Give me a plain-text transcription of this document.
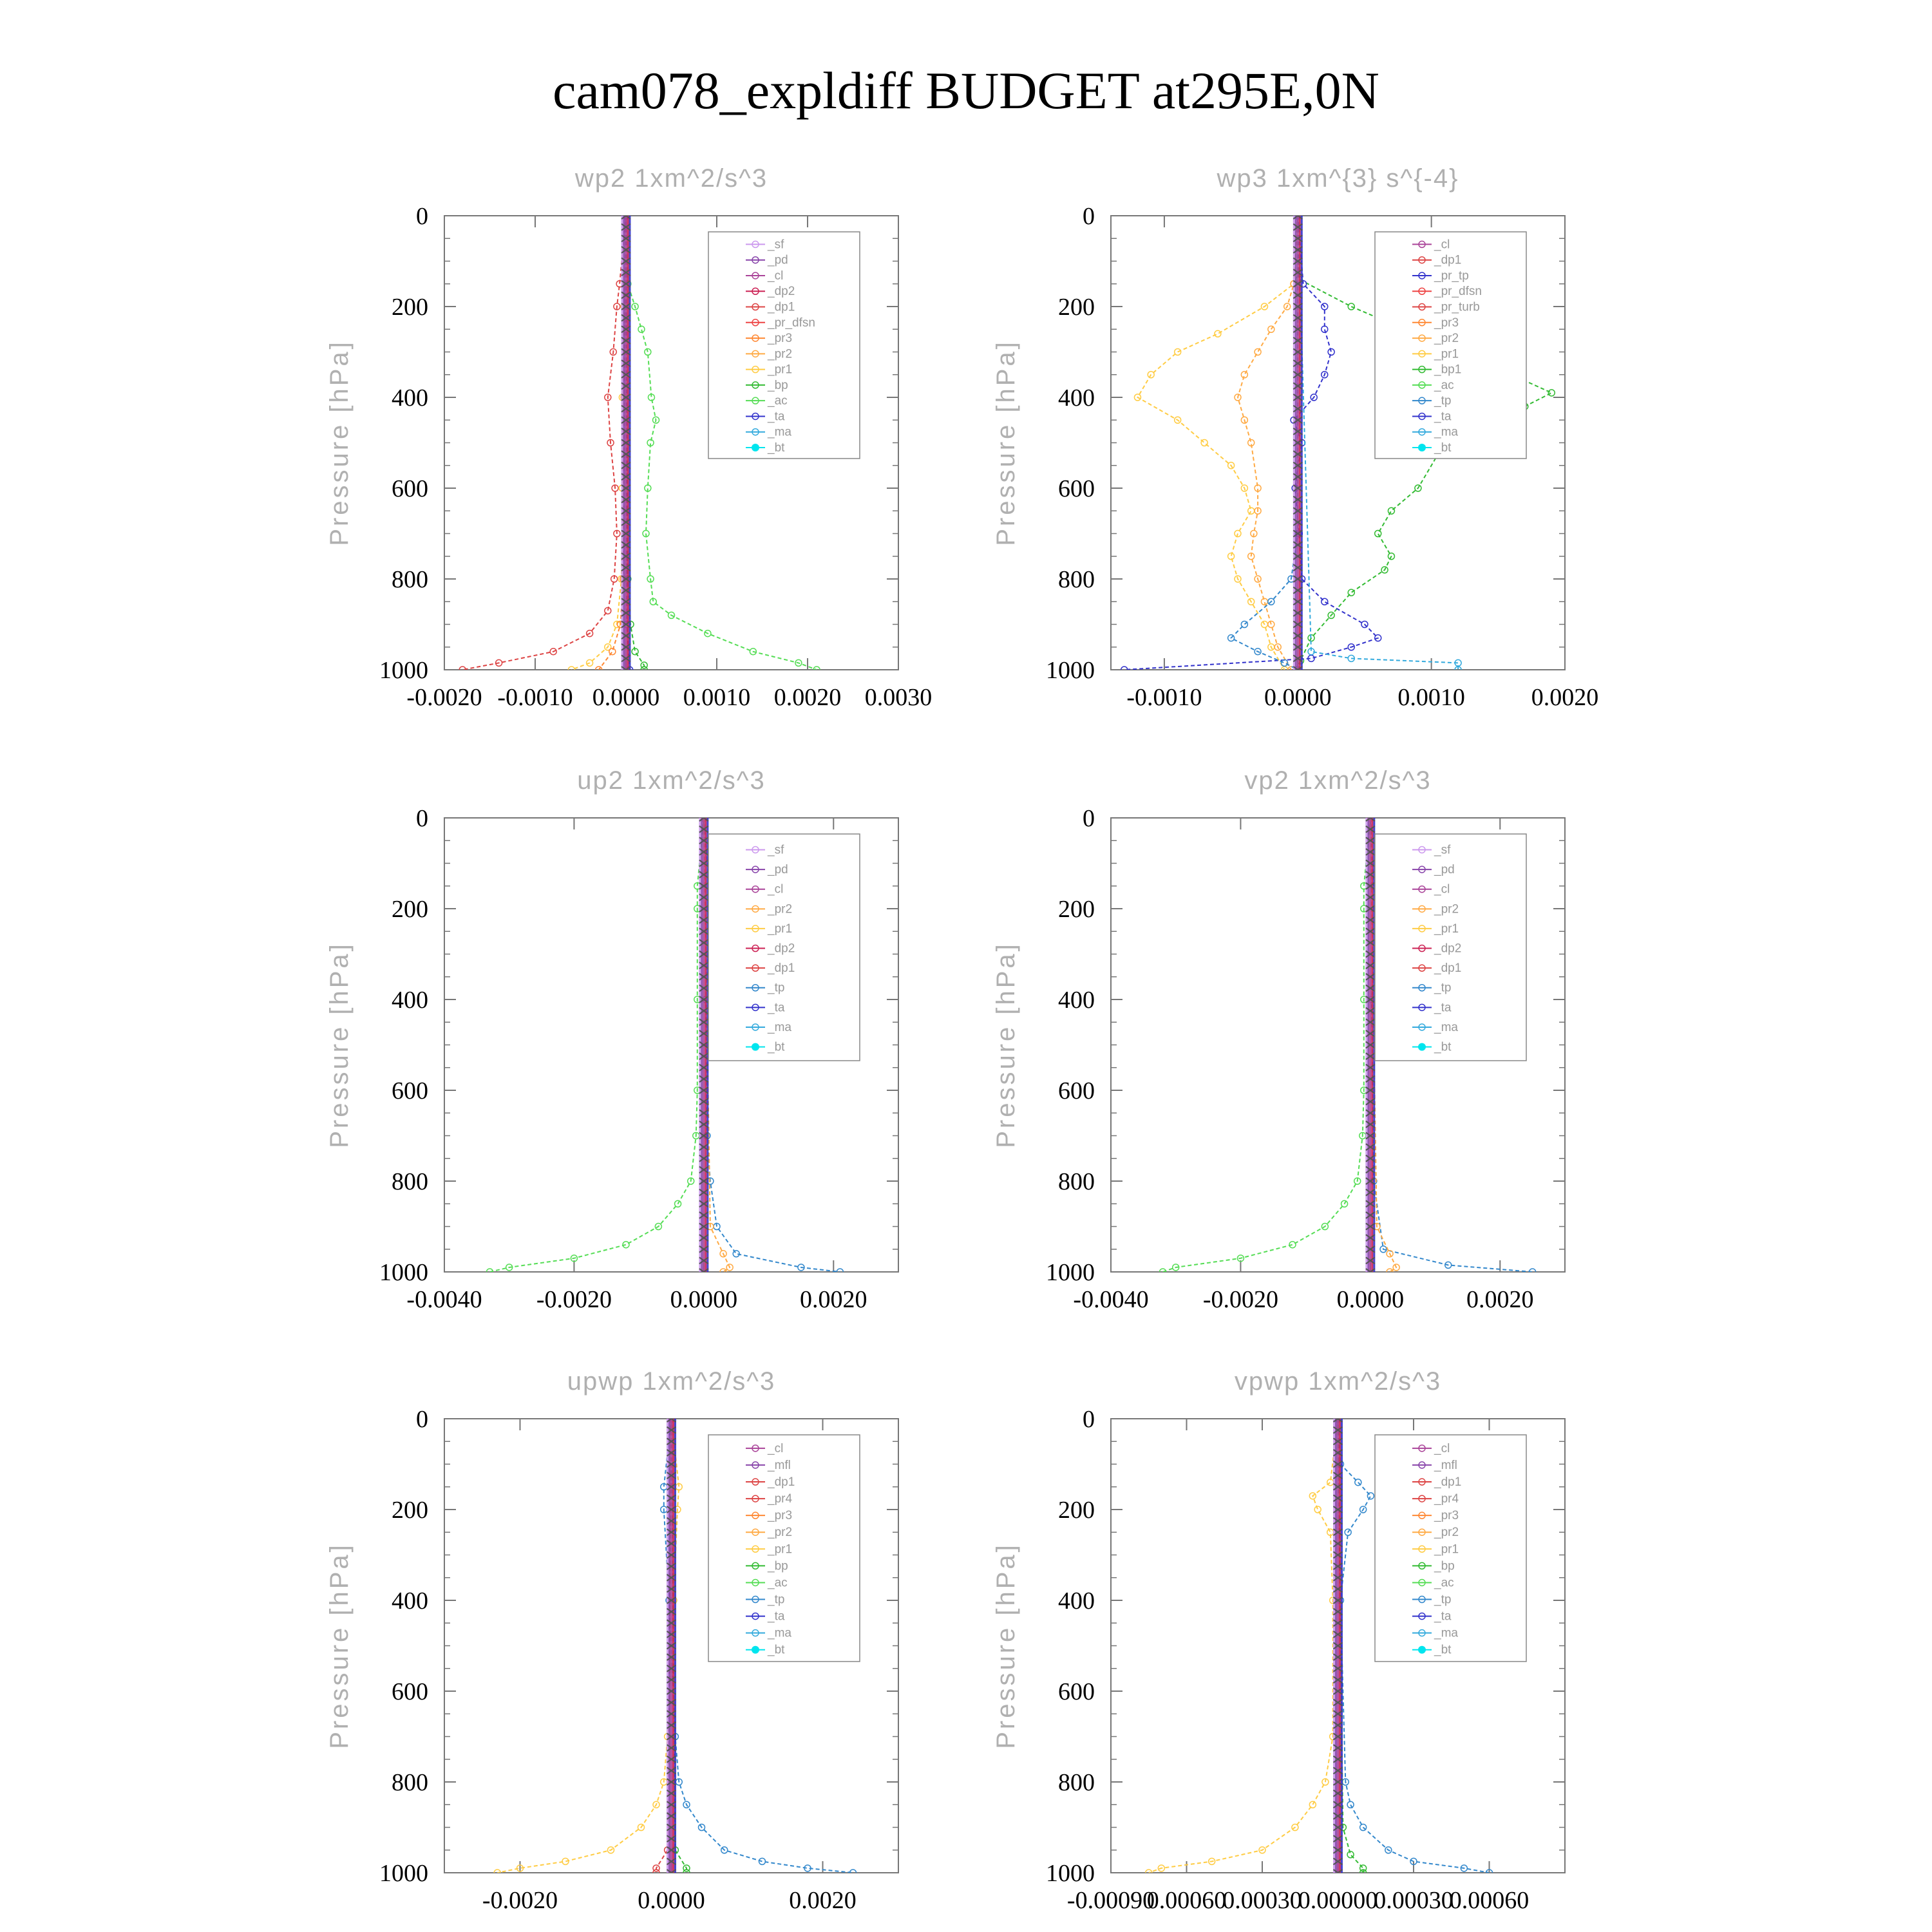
cam078_expldiff BUDGET at295E,0N
wp2 1xm^2/s^3
Pressure [hPa]
0
200
400
600
800
1000
-0.0020 -0.0010 0.0000 0.0010 0.0020 0.0030
_sf
_pd
_cl
_dp2
_dp1
_pr_dfsn
_pr3
_pr2
_pr1
_bp
_ac
_ta
_ma
_bt
wp3 1xm^{3} s^{-4}
Pressure [hPa]
0
200
400
600
800
1000
-0.0010	0.0000	0.0010	0.0020
_cl
_dp1
_pr_tp
_pr_dfsn
_pr_turb
_pr3
_pr2
_pr1
_bp1
_ac
_tp
_ta
_ma
_bt
up2 1xm^2/s^3
Pressure [hPa]
0
200
400
600
800
1000
-0.0040 -0.0020 0.0000	0.0020
_sf
_pd
_cl
_pr2
_pr1
_dp2
_dp1
_tp
_ta
_ma
_bt
vp2 1xm^2/s^3
Pressure [hPa]
0
200
400
600
800
1000
-0.0040 -0.0020 0.0000	0.0020
_sf
_pd
_cl
_pr2
_pr1
_dp2
_dp1
_tp
_ta
_ma
_bt
upwp 1xm^2/s^3
Pressure [hPa]
0
200
400
600
800
1000
-0.0020	0.0000	0.0020
_cl
_mfl
_dp1
_pr4
_pr3
_pr2
_pr1
_bp
_ac
_tp
_ta
_ma
_bt
vpwp 1xm^2/s^3
Pressure [hPa]
0
200
400
600
800
1000
-0.00090
0.00060
0.00030
0.00000
0.00030
0.00060
_cl
_mfl
_dp1
_pr4
_pr3
_pr2
_pr1
_bp
_ac
_tp
_ta
_ma
_bt
